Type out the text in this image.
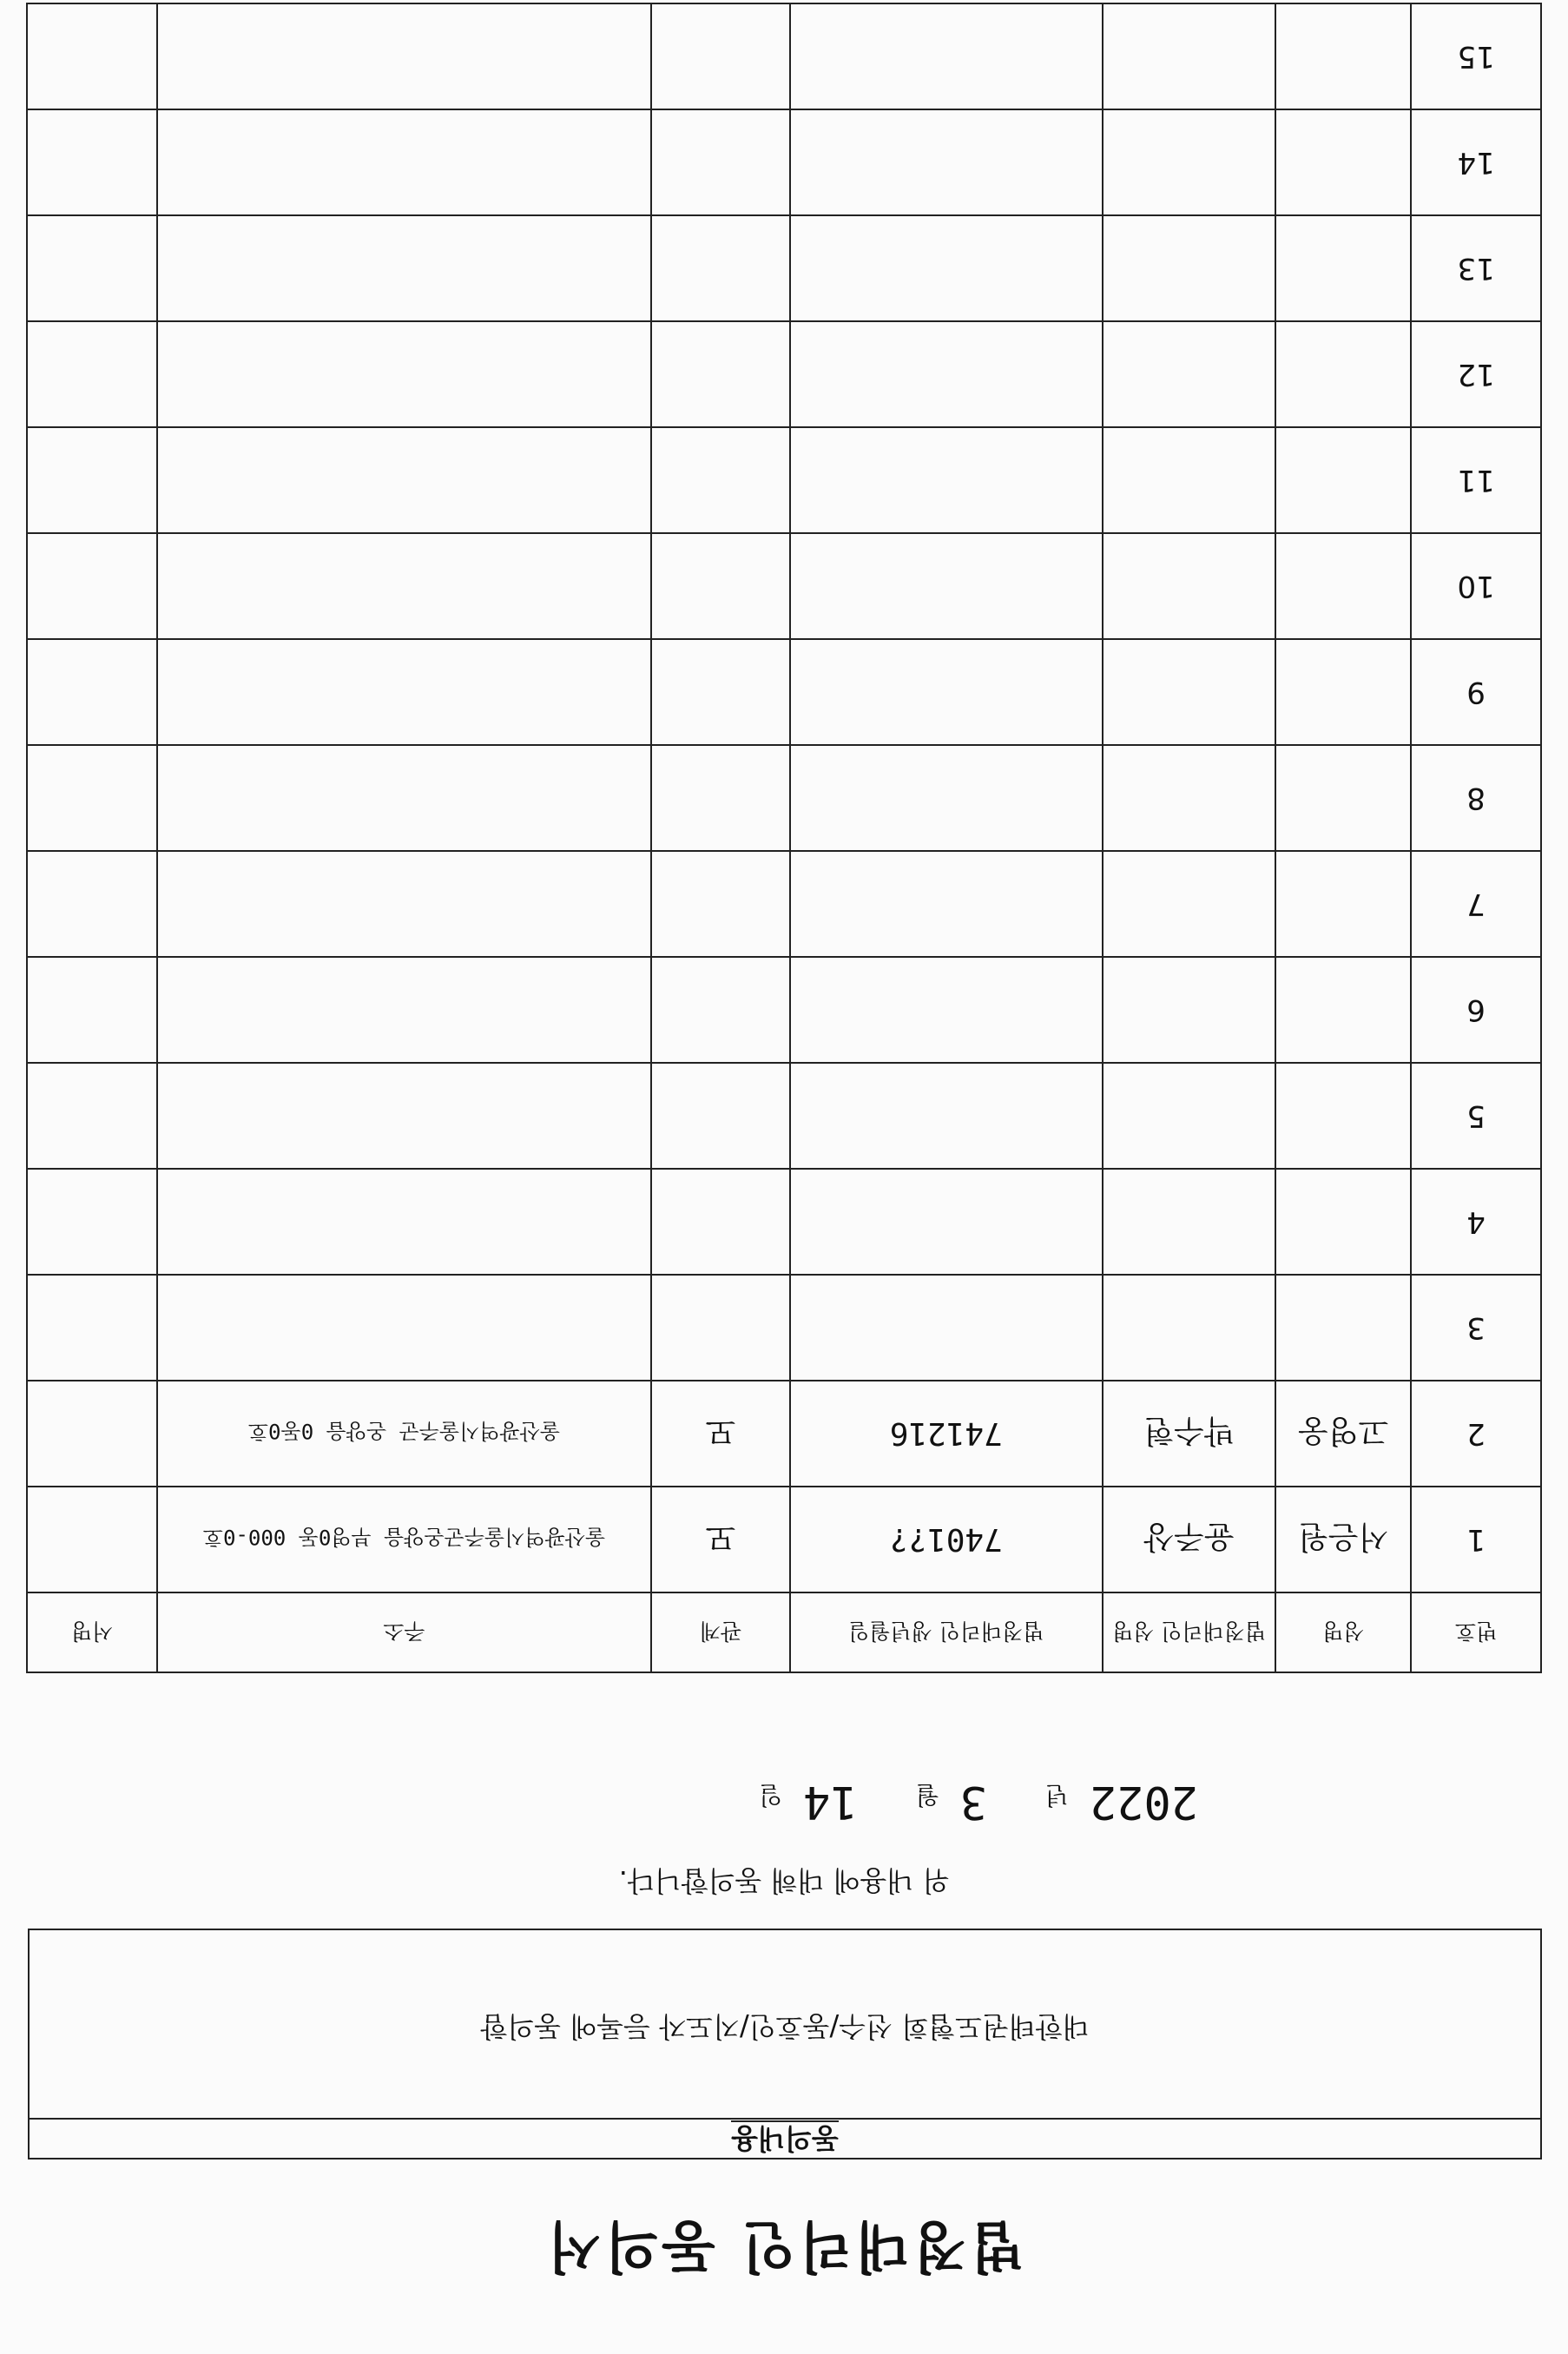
법정대리인 동의서
동의내용
대한태권도협회 선수/동호인/지도자 등록에 동의함
위 내용에 대해 동의합니다.
2022년 3월 14일
번호	성명	법정대리인 성명	법정대리인 생년월일	관계	주소	서명
1	서은원	윤주상	7401??	모	울산광역시울주군온양읍 부영0동 000-0호	
2	고영웅	박수현	741216	모	울산광역시울주군 온양읍 0동0호	
3						
4						
5						
6						
7						
8						
9						
10						
11						
12						
13						
14						
15						
